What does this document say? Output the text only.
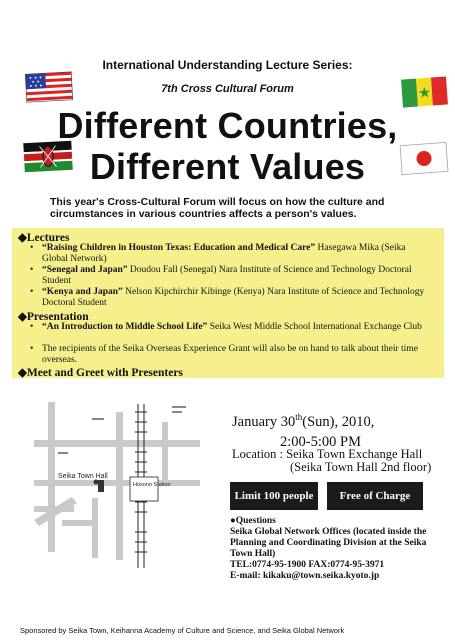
International Understanding Lecture Series:
7th Cross Cultural Forum
Different Countries,
Different Values
This year's Cross-Cultural Forum will focus on how the culture and circumstances in various countries affects a person's values.
◆Lectures
• “Raising Children in Houston Texas: Education and Medical Care” Hasegawa Mika (Seika Global Network)
• “Senegal and Japan” Doudou Fall (Senegal) Nara Institute of Science and Technology Doctoral Student
• “Kenya and Japan” Nelson Kipchirchir Kibinge (Kenya) Nara Institute of Science and Technology Doctoral Student
◆Presentation
• “An Introduction to Middle School Life” Seika West Middle School International Exchange Club
• The recipients of the Seika Overseas Experience Grant will also be on hand to talk about their time overseas.
◆Meet and Greet with Presenters
Seika Town Hall
Hosono Station
January 30th(Sun), 2010,
2:00-5:00 PM
Location : Seika Town Exchange Hall
(Seika Town Hall 2nd floor)
Limit 100 people	Free of Charge
●Questions
Seika Global Network Offices (located inside the Planning and Coordinating Division at the Seika Town Hall)
TEL:0774-95-1900 FAX:0774-95-3971
E-mail: kikaku@town.seika.kyoto.jp
Sponsored by Seika Town, Keihanna Academy of Culture and Science, and Seika Global Network
